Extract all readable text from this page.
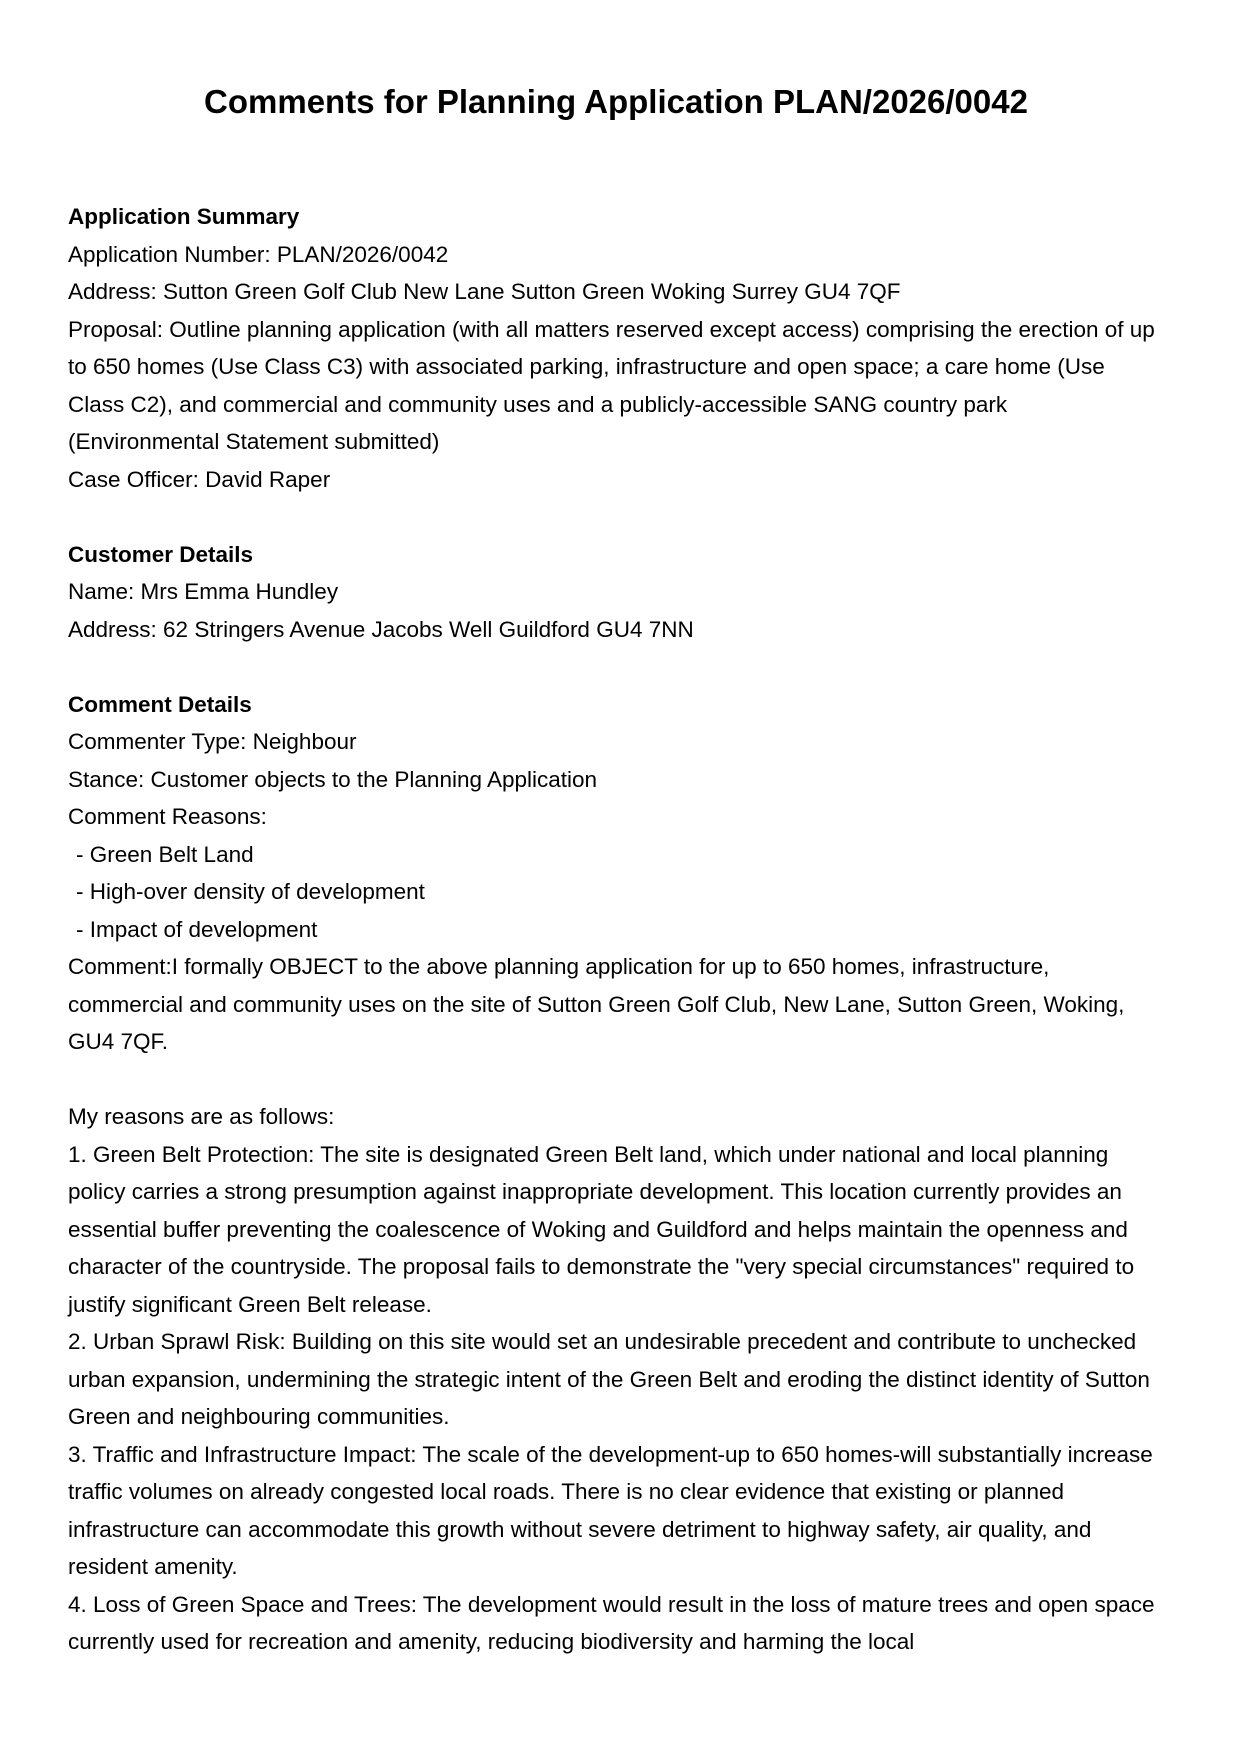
Comments for Planning Application PLAN/2026/0042

Application Summary

Application Number: PLAN/2026/0042

Address: Sutton Green Golf Club New Lane Sutton Green Woking Surrey GU4 7QF

Proposal: Outline planning application (with all matters reserved except access) comprising the erection of up to 650 homes (Use Class C3) with associated parking, infrastructure and open space; a care home (Use Class C2), and commercial and community uses and a publicly-accessible SANG country park (Environmental Statement submitted)

Case Officer: David Raper

Customer Details

Name: Mrs Emma Hundley

Address: 62 Stringers Avenue Jacobs Well Guildford GU4 7NN

Comment Details

Commenter Type: Neighbour

Stance: Customer objects to the Planning Application

Comment Reasons:

- Green Belt Land

- High-over density of development

- Impact of development

Comment:I formally OBJECT to the above planning application for up to 650 homes, infrastructure, commercial and community uses on the site of Sutton Green Golf Club, New Lane, Sutton Green, Woking, GU4 7QF.

My reasons are as follows:

1. Green Belt Protection: The site is designated Green Belt land, which under national and local planning policy carries a strong presumption against inappropriate development. This location currently provides an essential buffer preventing the coalescence of Woking and Guildford and helps maintain the openness and character of the countryside. The proposal fails to demonstrate the "very special circumstances" required to justify significant Green Belt release.

2. Urban Sprawl Risk: Building on this site would set an undesirable precedent and contribute to unchecked urban expansion, undermining the strategic intent of the Green Belt and eroding the distinct identity of Sutton Green and neighbouring communities.

3. Traffic and Infrastructure Impact: The scale of the development-up to 650 homes-will substantially increase traffic volumes on already congested local roads. There is no clear evidence that existing or planned infrastructure can accommodate this growth without severe detriment to highway safety, air quality, and resident amenity.

4. Loss of Green Space and Trees: The development would result in the loss of mature trees and open space currently used for recreation and amenity, reducing biodiversity and harming the local
